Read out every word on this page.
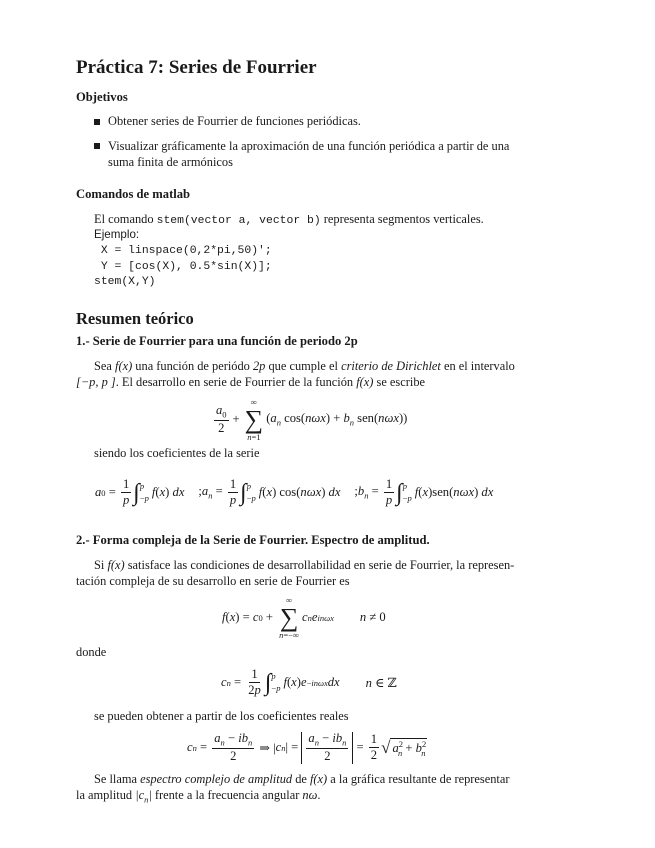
Práctica 7: Series de Fourrier
Objetivos
Obtener series de Fourrier de funciones periódicas.
Visualizar gráficamente la aproximación de una función periódica a partir de una
suma finita de armónicos
Comandos de matlab
El comando stem(vector a, vector b) representa segmentos verticales.
Ejemplo:
X = linspace(0,2*pi,50)';
Y = [cos(X), 0.5*sin(X)];
stem(X,Y)
Resumen teórico
1.- Serie de Fourrier para una función de periodo 2p
Sea f(x) una función de periódo 2p que cumple el criterio de Dirichlet en el intervalo
[−p, p ]. El desarrollo en serie de Fourrier de la función f(x) se escribe
$\frac{a_0}{2}$ +
∞
∑
n=1
($a_n$ $\cos(n\omega x) + b_n$ sen(nωx))
siendo los coeficientes de la serie
a $0 = \frac{1}{p}$ ∫ p
−p f ( x ) dx $;a_n = \frac{1}{p}$ ∫ p
−p f ( x ) cos( nωx ) dx $;b_n = \frac{1}{p}$ ∫ p
−p f ( x )sen( nωx ) dx
2.- Forma compleja de la Serie de Fourrier. Espectro de amplitud.
Si f(x) satisface las condiciones de desarrollabilidad en serie de Fourrier, la represen-
tación compleja de su desarrollo en serie de Fourrier es
f ( x ) = c 0 +
∞
∑
n=−∞
c n e inωx n ≠ 0
donde
c $n = \frac{1}{2p}$ ∫ p
−p f ( x ) e −inωx dx n ∈ ℤ
se pueden obtener a partir de los coeficientes reales
c $n = \frac{a_n - ib_n}{2}$ ⇒ | c n | = $\frac{a_n - ib_n}{2} = \frac{1}{2}$ √ $a^2_n + b^2_n$
Se llama espectro complejo de amplitud de f(x) a la gráfica resultante de representar
la amplitud $|c_n|$ frente a la frecuencia angular nω.
